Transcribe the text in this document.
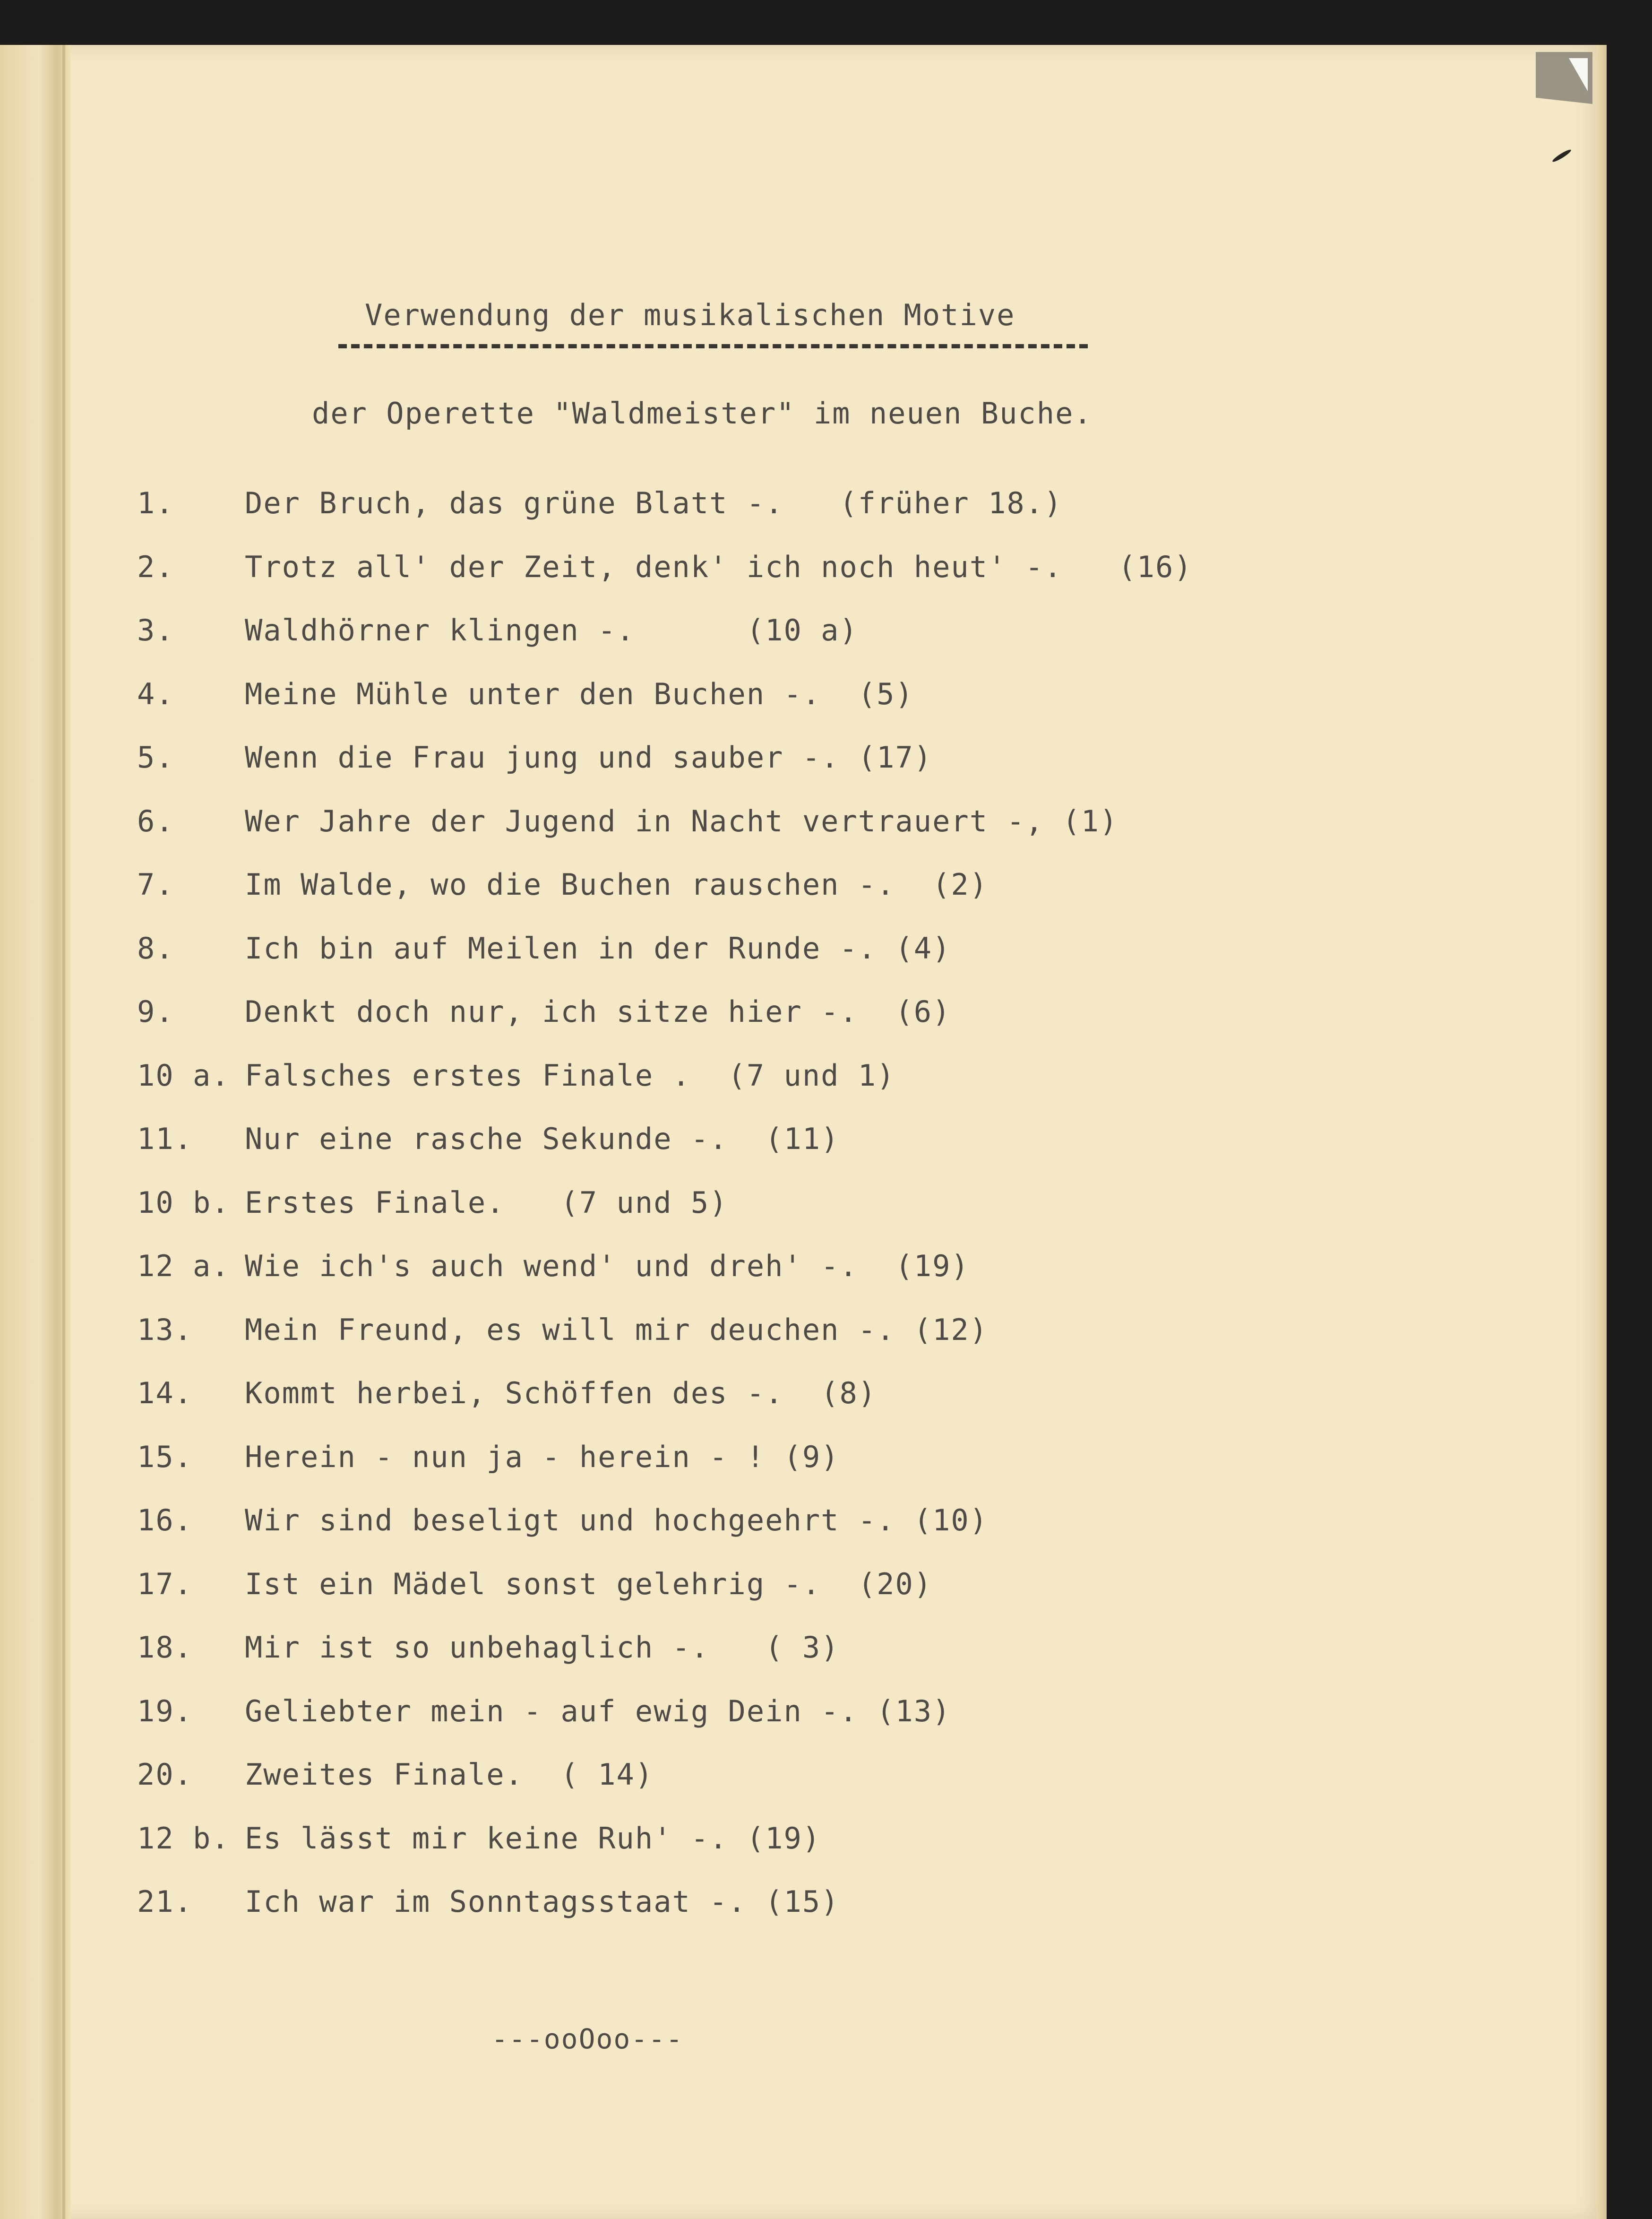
Verwendung der musikalischen Motive
der Operette "Waldmeister" im neuen Buche.
1.	Der Bruch, das grüne Blatt -.   (früher 18.)
2.	Trotz all' der Zeit, denk' ich noch heut' -.   (16)
3.	Waldhörner klingen -.      (10 a)
4.	Meine Mühle unter den Buchen -.  (5)
5.	Wenn die Frau jung und sauber -. (17)
6.	Wer Jahre der Jugend in Nacht vertrauert -, (1)
7.	Im Walde, wo die Buchen rauschen -.  (2)
8.	Ich bin auf Meilen in der Runde -. (4)
9.	Denkt doch nur, ich sitze hier -.  (6)
10 a. Falsches erstes Finale .  (7 und 1)
11.	Nur eine rasche Sekunde -.  (11)
10 b. Erstes Finale.   (7 und 5)
12 a. Wie ich's auch wend' und dreh' -.  (19)
13.	Mein Freund, es will mir deuchen -. (12)
14.	Kommt herbei, Schöffen des -.  (8)
15.	Herein - nun ja - herein - ! (9)
16.	Wir sind beseligt und hochgeehrt -. (10)
17.	Ist ein Mädel sonst gelehrig -.  (20)
18.	Mir ist so unbehaglich -.   ( 3)
19.	Geliebter mein - auf ewig Dein -. (13)
20.	Zweites Finale.  ( 14)
12 b. Es lässt mir keine Ruh' -. (19)
21.	Ich war im Sonntagsstaat -. (15)
---ooOoo---
